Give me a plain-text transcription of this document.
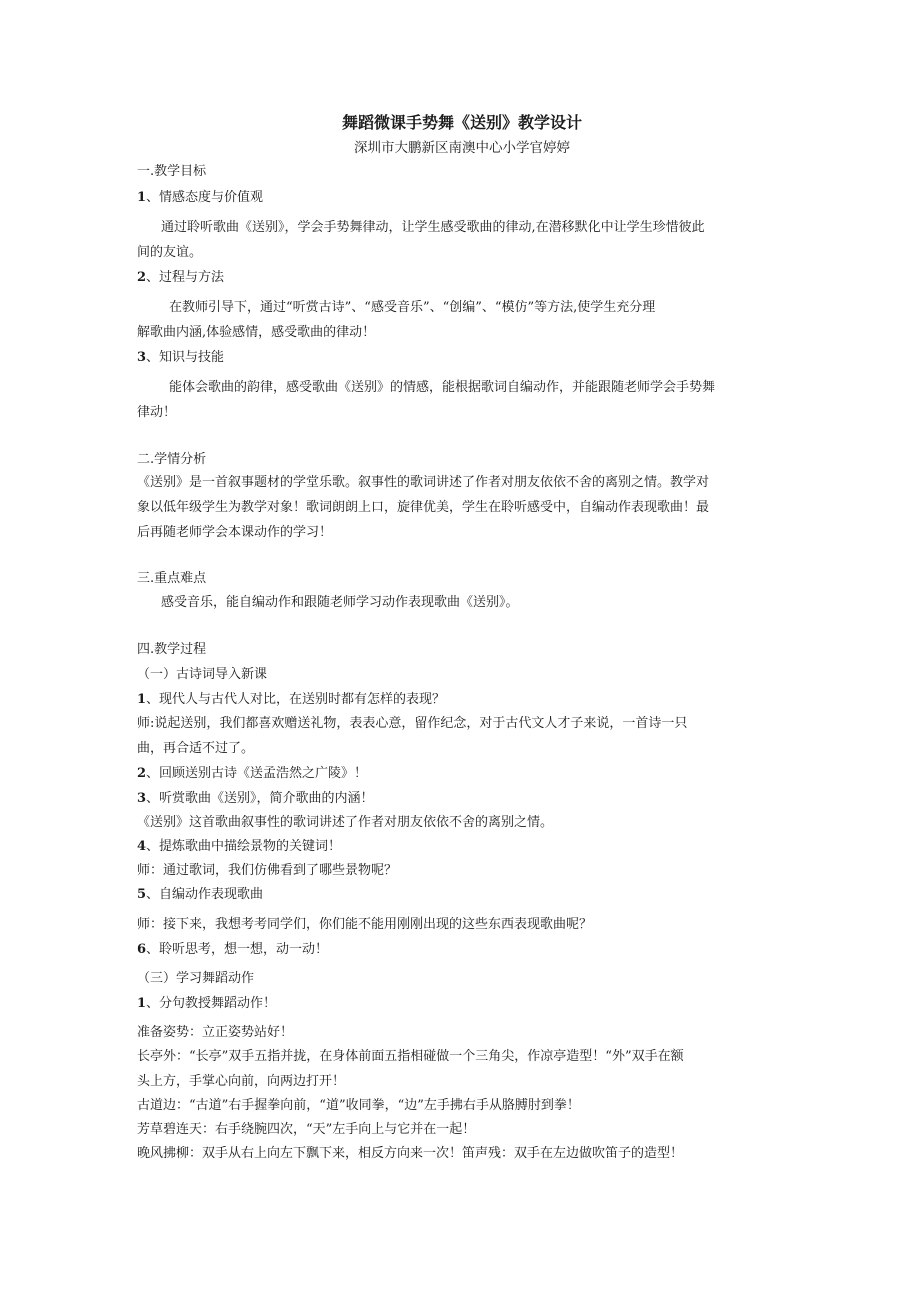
舞蹈微课手势舞《送别》教学设计
深圳市大鹏新区南澳中心小学官婷婷
一.教学目标
1、情感态度与价值观
通过聆听歌曲《送别》，学会手势舞律动，让学生感受歌曲的律动,在潜移默化中让学生珍惜彼此
间的友谊。
2、过程与方法
在教师引导下，通过“听赏古诗”、“感受音乐”、“创编”、“模仿”等方法,使学生充分理
解歌曲内涵,体验感情，感受歌曲的律动！
3、知识与技能
能体会歌曲的韵律，感受歌曲《送别》的情感，能根据歌词自编动作，并能跟随老师学会手势舞
律动！
二.学情分析
《送别》是一首叙事题材的学堂乐歌。叙事性的歌词讲述了作者对朋友依依不舍的离别之情。教学对
象以低年级学生为教学对象！歌词朗朗上口，旋律优美，学生在聆听感受中，自编动作表现歌曲！最
后再随老师学会本课动作的学习！
三.重点难点
感受音乐，能自编动作和跟随老师学习动作表现歌曲《送别》。
四.教学过程
（一）古诗词导入新课
1、现代人与古代人对比，在送别时都有怎样的表现？
师:说起送别，我们都喜欢赠送礼物，表表心意，留作纪念，对于古代文人才子来说，一首诗一只
曲，再合适不过了。
2、回顾送别古诗《送孟浩然之广陵》！
3、听赏歌曲《送别》，简介歌曲的内涵！
《送别》这首歌曲叙事性的歌词讲述了作者对朋友依依不舍的离别之情。
4、提炼歌曲中描绘景物的关键词！
师：通过歌词，我们仿佛看到了哪些景物呢？
5、自编动作表现歌曲
师：接下来，我想考考同学们，你们能不能用刚刚出现的这些东西表现歌曲呢？
6、聆听思考，想一想，动一动！
（三）学习舞蹈动作
1、分句教授舞蹈动作！
准备姿势：立正姿势站好！
长亭外：“长亭”双手五指并拢，在身体前面五指相碰做一个三角尖，作凉亭造型！“外”双手在额
头上方，手掌心向前，向两边打开！
古道边：“古道”右手握拳向前，“道”收同拳，“边”左手拂右手从胳膊肘到拳！
芳草碧连天：右手绕腕四次，“天”左手向上与它并在一起！
晚风拂柳：双手从右上向左下飘下来，相反方向来一次！笛声残：双手在左边做吹笛子的造型！
